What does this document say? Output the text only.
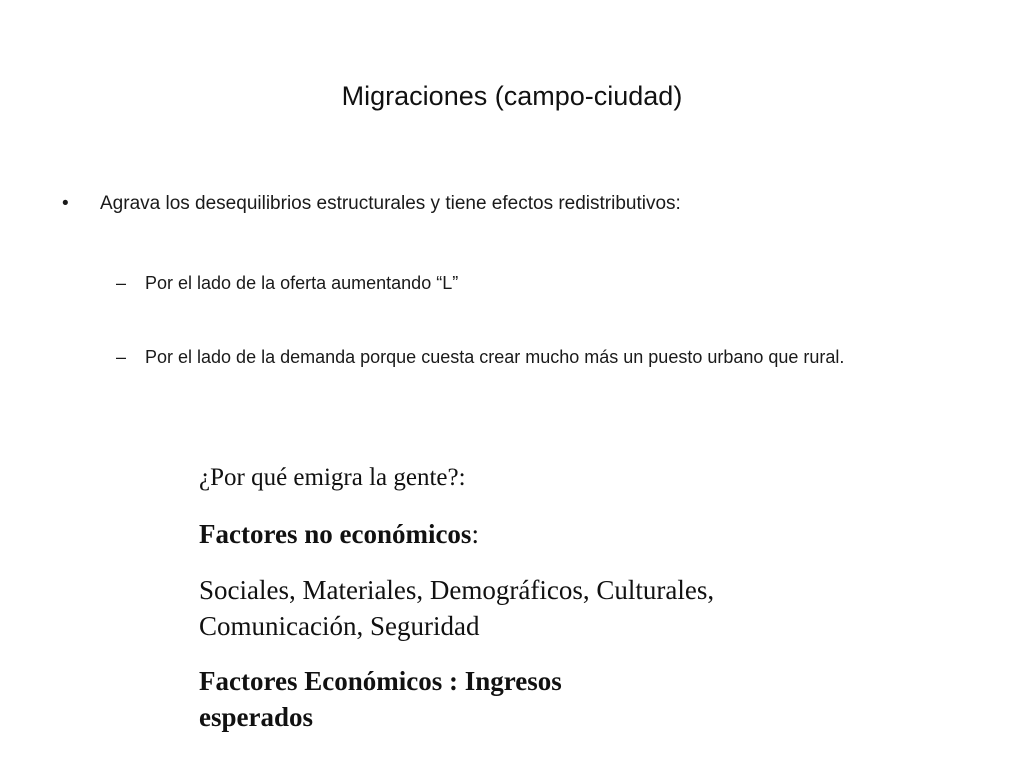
Migraciones (campo-ciudad)
•	Agrava los desequilibrios estructurales y tiene efectos redistributivos:
–	Por el lado de la oferta aumentando “L”
–	Por el lado de la demanda porque cuesta crear mucho más un puesto urbano que rural.

¿Por qué emigra la gente?:

Factores no económicos:

Sociales, Materiales, Demográficos, Culturales, Comunicación, Seguridad

Factores Económicos : Ingresos esperados
